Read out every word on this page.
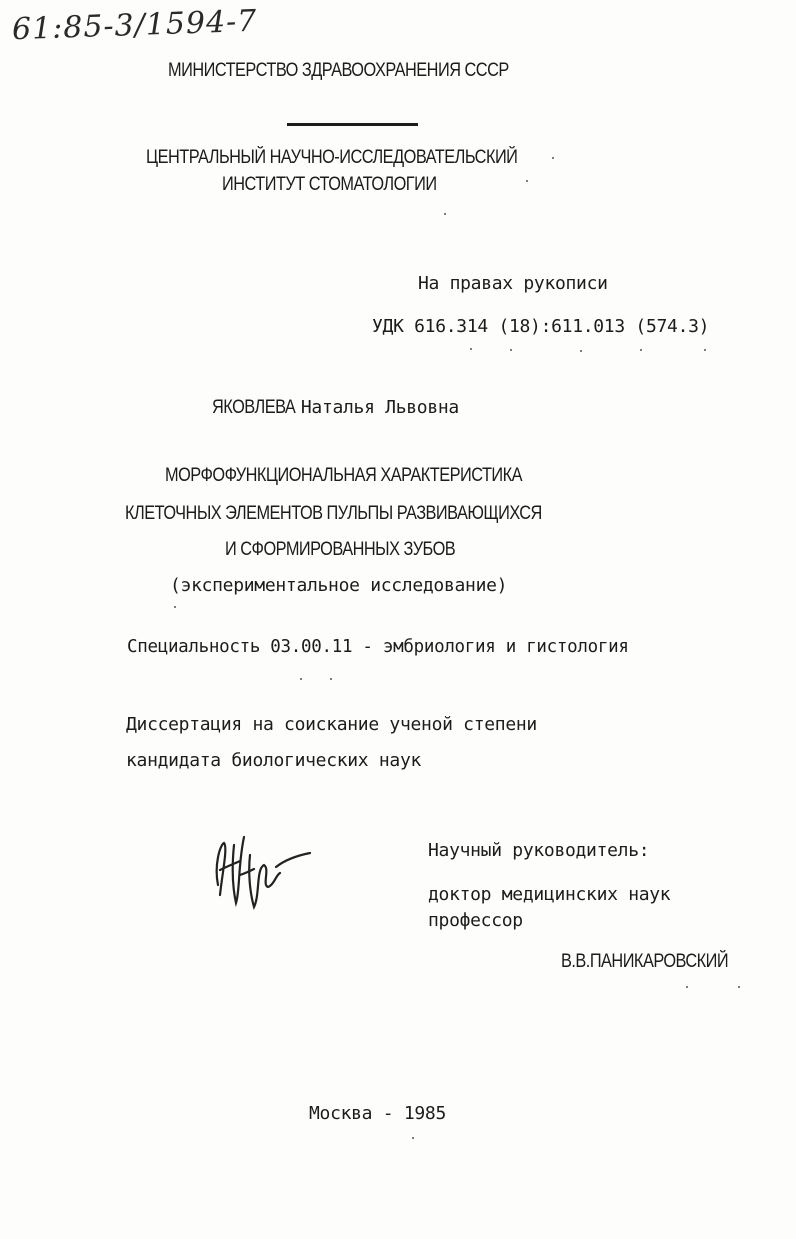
61:85-3/1594-7
МИНИСТЕРСТВО ЗДРАВООХРАНЕНИЯ СССР
ЦЕНТРАЛЬНЫЙ НАУЧНО-ИССЛЕДОВАТЕЛЬСКИЙ
ИНСТИТУТ СТОМАТОЛОГИИ
На правах рукописи
УДК 616.314 (18):611.013 (574.3)
ЯКОВЛЕВА Наталья Львовна
МОРФОФУНКЦИОНАЛЬНАЯ ХАРАКТЕРИСТИКА
КЛЕТОЧНЫХ ЭЛЕМЕНТОВ ПУЛЬПЫ РАЗВИВАЮЩИХСЯ
И СФОРМИРОВАННЫХ ЗУБОВ
(экспериментальное исследование)
Специальность 03.00.11 - эмбриология и гистология
Диссертация на соискание ученой степени
кандидата биологических наук
Научный руководитель:
доктор медицинских наук
профессор
В.В.ПАНИКАРОВСКИЙ
Москва - 1985
